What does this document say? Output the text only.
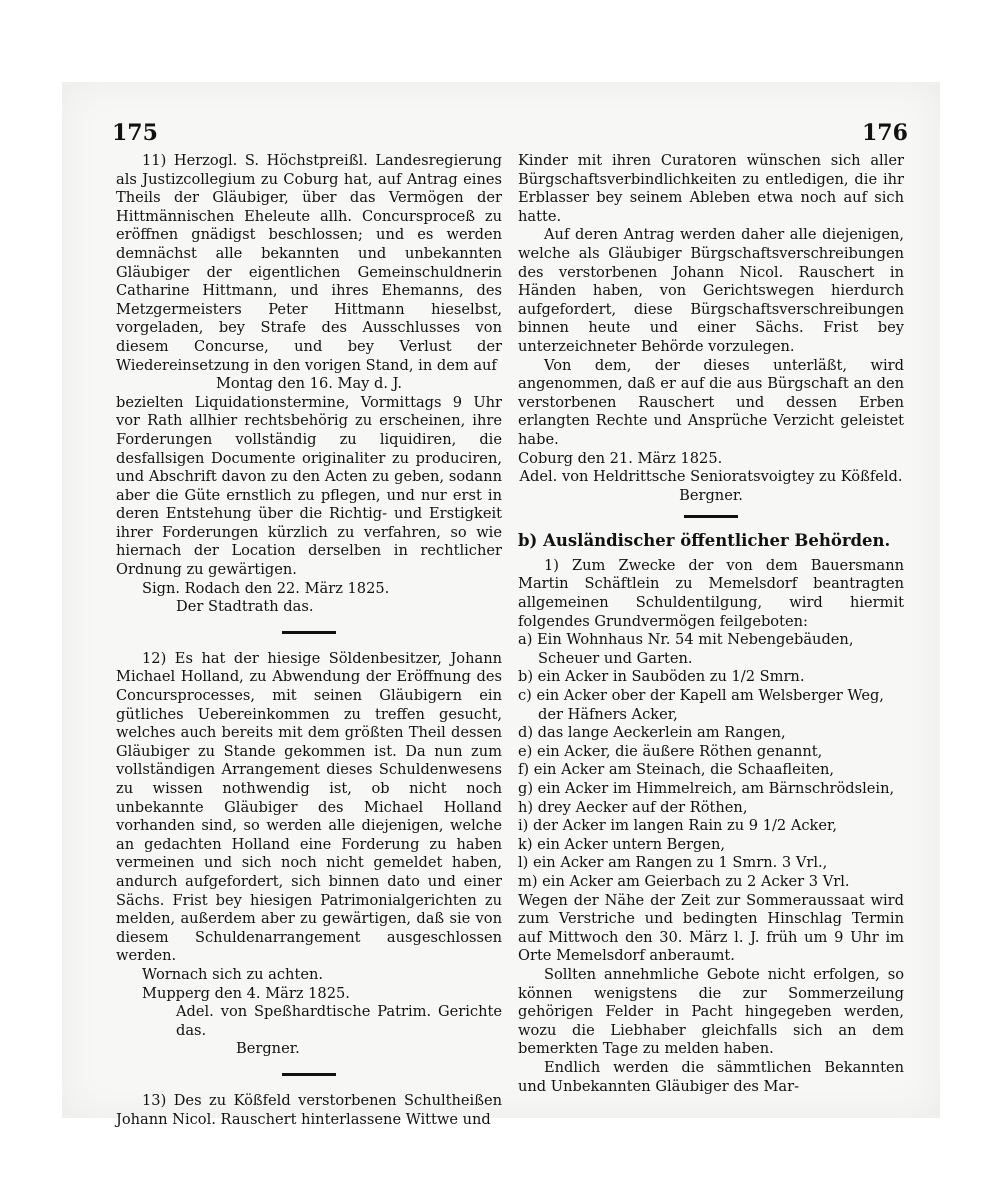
175	176

11) Herzogl. S. Höchstpreißl. Landesregierung als Justizcollegium zu Coburg hat, auf Antrag eines Theils der Gläubiger, über das Vermögen der Hittmännischen Eheleute allh. Concursproceß zu eröffnen gnädigst beschlossen; und es werden demnächst alle bekannten und unbekannten Gläubiger der eigentlichen Gemeinschuldnerin Catharine Hittmann, und ihres Ehemanns, des Metzgermeisters Peter Hittmann hieselbst, vorgeladen, bey Strafe des Ausschlusses von diesem Concurse, und bey Verlust der Wiedereinsetzung in den vorigen Stand, in dem auf

Montag den 16. May d. J.

bezielten Liquidationstermine, Vormittags 9 Uhr vor Rath allhier rechtsbehörig zu erscheinen, ihre Forderungen vollständig zu liquidiren, die desfallsigen Documente originaliter zu produciren, und Abschrift davon zu den Acten zu geben, sodann aber die Güte ernstlich zu pflegen, und nur erst in deren Entstehung über die Richtig- und Erstigkeit ihrer Forderungen kürzlich zu verfahren, so wie hiernach der Location derselben in rechtlicher Ordnung zu gewärtigen.

Sign. Rodach den 22. März 1825.

Der Stadtrath das.

12) Es hat der hiesige Söldenbesitzer, Johann Michael Holland, zu Abwendung der Eröffnung des Concursprocesses, mit seinen Gläubigern ein gütliches Uebereinkommen zu treffen gesucht, welches auch bereits mit dem größten Theil dessen Gläubiger zu Stande gekommen ist. Da nun zum vollständigen Arrangement dieses Schuldenwesens zu wissen nothwendig ist, ob nicht noch unbekannte Gläubiger des Michael Holland vorhanden sind, so werden alle diejenigen, welche an gedachten Holland eine Forderung zu haben vermeinen und sich noch nicht gemeldet haben, andurch aufgefordert, sich binnen dato und einer Sächs. Frist bey hiesigen Patrimonialgerichten zu melden, außerdem aber zu gewärtigen, daß sie von diesem Schuldenarrangement ausgeschlossen werden.

Wornach sich zu achten.

Mupperg den 4. März 1825.

Adel. von Speßhardtische Patrim. Gerichte das.

Bergner.

13) Des zu Kößfeld verstorbenen Schultheißen Johann Nicol. Rauschert hinterlassene Wittwe und

Kinder mit ihren Curatoren wünschen sich aller Bürgschaftsverbindlichkeiten zu entledigen, die ihr Erblasser bey seinem Ableben etwa noch auf sich hatte.

Auf deren Antrag werden daher alle diejenigen, welche als Gläubiger Bürgschaftsverschreibungen des verstorbenen Johann Nicol. Rauschert in Händen haben, von Gerichtswegen hierdurch aufgefordert, diese Bürgschaftsverschreibungen binnen heute und einer Sächs. Frist bey unterzeichneter Behörde vorzulegen.

Von dem, der dieses unterläßt, wird angenommen, daß er auf die aus Bürgschaft an den verstorbenen Rauschert und dessen Erben erlangten Rechte und Ansprüche Verzicht geleistet habe.

Coburg den 21. März 1825.

Adel. von Heldrittsche Senioratsvoigtey zu Kößfeld.

Bergner.

b) Ausländischer öffentlicher Behörden.

1) Zum Zwecke der von dem Bauersmann Martin Schäftlein zu Memelsdorf beantragten allgemeinen Schuldentilgung, wird hiermit folgendes Grundvermögen feilgeboten:

a) Ein Wohnhaus Nr. 54 mit Nebengebäuden, Scheuer und Garten.

b) ein Acker in Sauböden zu 1/2 Smrn.

c) ein Acker ober der Kapell am Welsberger Weg, der Häfners Acker,

d) das lange Aeckerlein am Rangen,

e) ein Acker, die äußere Röthen genannt,

f) ein Acker am Steinach, die Schaafleiten,

g) ein Acker im Himmelreich, am Bärnschrödslein,

h) drey Aecker auf der Röthen,

i) der Acker im langen Rain zu 9 1/2 Acker,

k) ein Acker untern Bergen,

l) ein Acker am Rangen zu 1 Smrn. 3 Vrl.,

m) ein Acker am Geierbach zu 2 Acker 3 Vrl.

Wegen der Nähe der Zeit zur Sommeraussaat wird zum Verstriche und bedingten Hinschlag Termin auf Mittwoch den 30. März l. J. früh um 9 Uhr im Orte Memelsdorf anberaumt.

Sollten annehmliche Gebote nicht erfolgen, so können wenigstens die zur Sommerzeilung gehörigen Felder in Pacht hingegeben werden, wozu die Liebhaber gleichfalls sich an dem bemerkten Tage zu melden haben.

Endlich werden die sämmtlichen Bekannten und Unbekannten Gläubiger des Mar-
